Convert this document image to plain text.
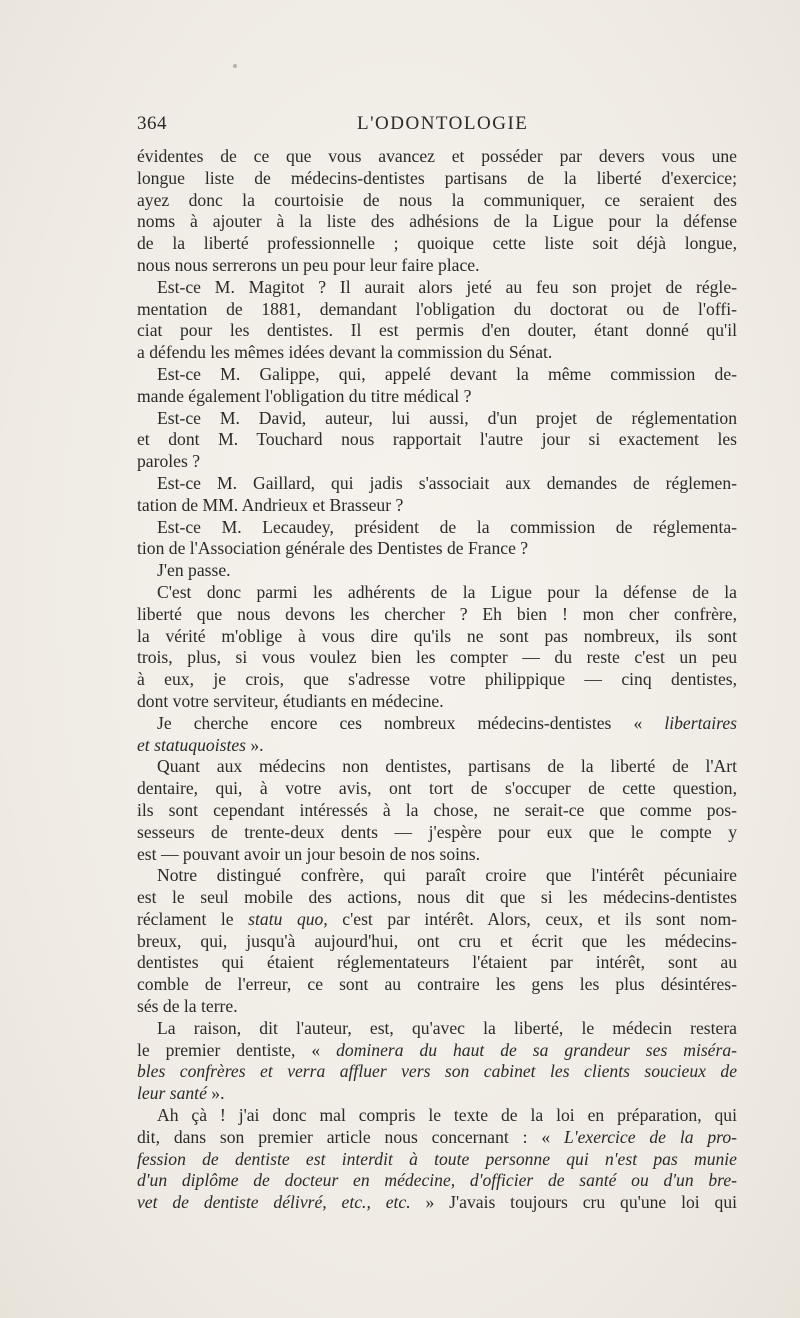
364	L'ODONTOLOGIE
évidentes de ce que vous avancez et posséder par devers vous une
longue liste de médecins-dentistes partisans de la liberté d'exercice;
ayez donc la courtoisie de nous la communiquer, ce seraient des
noms à ajouter à la liste des adhésions de la Ligue pour la défense
de la liberté professionnelle ; quoique cette liste soit déjà longue,
nous nous serrerons un peu pour leur faire place.
Est-ce M. Magitot ? Il aurait alors jeté au feu son projet de régle-
mentation de 1881, demandant l'obligation du doctorat ou de l'offi-
ciat pour les dentistes. Il est permis d'en douter, étant donné qu'il
a défendu les mêmes idées devant la commission du Sénat.
Est-ce M. Galippe, qui, appelé devant la même commission de-
mande également l'obligation du titre médical ?
Est-ce M. David, auteur, lui aussi, d'un projet de réglementation
et dont M. Touchard nous rapportait l'autre jour si exactement les
paroles ?
Est-ce M. Gaillard, qui jadis s'associait aux demandes de réglemen-
tation de MM. Andrieux et Brasseur ?
Est-ce M. Lecaudey, président de la commission de réglementa-
tion de l'Association générale des Dentistes de France ?
J'en passe.
C'est donc parmi les adhérents de la Ligue pour la défense de la
liberté que nous devons les chercher ? Eh bien ! mon cher confrère,
la vérité m'oblige à vous dire qu'ils ne sont pas nombreux, ils sont
trois, plus, si vous voulez bien les compter — du reste c'est un peu
à eux, je crois, que s'adresse votre philippique — cinq dentistes,
dont votre serviteur, étudiants en médecine.
Je cherche encore ces nombreux médecins-dentistes « libertaires
et statuquoistes ».
Quant aux médecins non dentistes, partisans de la liberté de l'Art
dentaire, qui, à votre avis, ont tort de s'occuper de cette question,
ils sont cependant intéressés à la chose, ne serait-ce que comme pos-
sesseurs de trente-deux dents — j'espère pour eux que le compte y
est — pouvant avoir un jour besoin de nos soins.
Notre distingué confrère, qui paraît croire que l'intérêt pécuniaire
est le seul mobile des actions, nous dit que si les médecins-dentistes
réclament le statu quo, c'est par intérêt. Alors, ceux, et ils sont nom-
breux, qui, jusqu'à aujourd'hui, ont cru et écrit que les médecins-
dentistes qui étaient réglementateurs l'étaient par intérêt, sont au
comble de l'erreur, ce sont au contraire les gens les plus désintéres-
sés de la terre.
La raison, dit l'auteur, est, qu'avec la liberté, le médecin restera
le premier dentiste, « dominera du haut de sa grandeur ses miséra-
bles confrères et verra affluer vers son cabinet les clients soucieux de
leur santé ».
Ah çà ! j'ai donc mal compris le texte de la loi en préparation, qui
dit, dans son premier article nous concernant : « L'exercice de la pro-
fession de dentiste est interdit à toute personne qui n'est pas munie
d'un diplôme de docteur en médecine, d'officier de santé ou d'un bre-
vet de dentiste délivré, etc., etc. » J'avais toujours cru qu'une loi qui
